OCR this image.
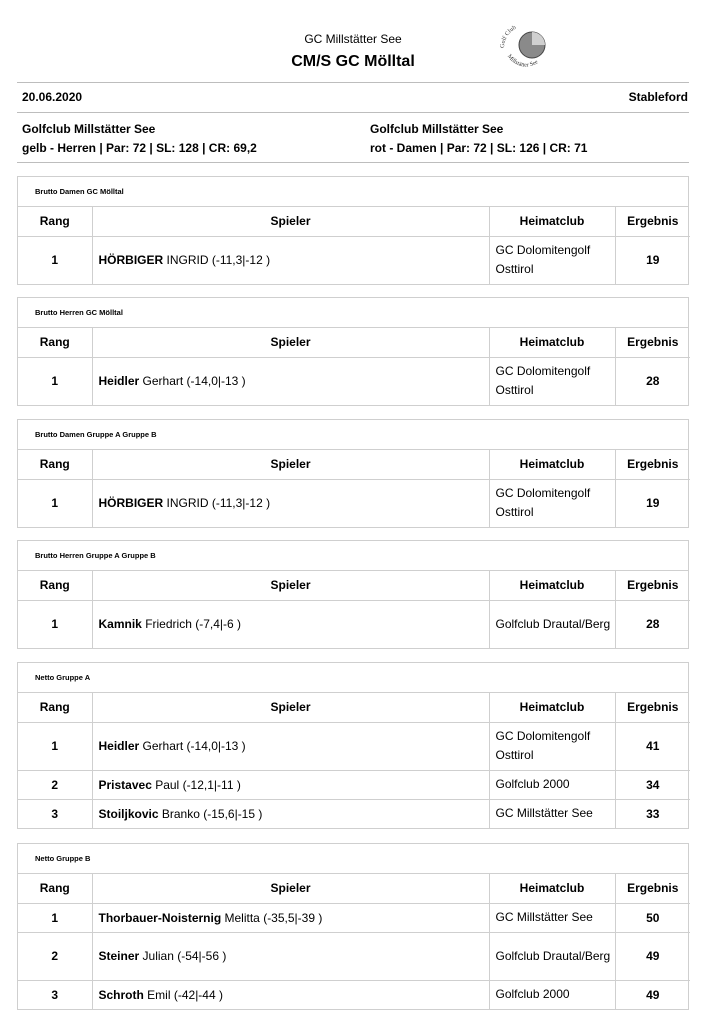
GC Millstätter See
CM/S GC Mölltal
Golf Club
Millstätter See
20.06.2020	Stableford
Golfclub Millstätter See
gelb - Herren | Par: 72 | SL: 128 | CR: 69,2
Golfclub Millstätter See
rot - Damen | Par: 72 | SL: 126 | CR: 71
Brutto Damen GC Mölltal
Rang	Spieler	Heimatclub	Ergebnis
1	HÖRBIGER INGRID (-11,3|-12 )	GC Dolomitengolf Osttirol	19
Brutto Herren GC Mölltal
Rang	Spieler	Heimatclub	Ergebnis
1	Heidler Gerhart (-14,0|-13 )	GC Dolomitengolf Osttirol	28
Brutto Damen Gruppe A Gruppe B
Rang	Spieler	Heimatclub	Ergebnis
1	HÖRBIGER INGRID (-11,3|-12 )	GC Dolomitengolf Osttirol	19
Brutto Herren Gruppe A Gruppe B
Rang	Spieler	Heimatclub	Ergebnis
1	Kamnik Friedrich (-7,4|-6 )	Golfclub Drautal/Berg	28
Netto Gruppe A
Rang	Spieler	Heimatclub	Ergebnis
1	Heidler Gerhart (-14,0|-13 )	GC Dolomitengolf Osttirol	41
2	Pristavec Paul (-12,1|-11 )	Golfclub 2000	34
3	Stoiljkovic Branko (-15,6|-15 )	GC Millstätter See	33
Netto Gruppe B
Rang	Spieler	Heimatclub	Ergebnis
1	Thorbauer-Noisternig Melitta (-35,5|-39 )	GC Millstätter See	50
2	Steiner Julian (-54|-56 )	Golfclub Drautal/Berg	49
3	Schroth Emil (-42|-44 )	Golfclub 2000	49
